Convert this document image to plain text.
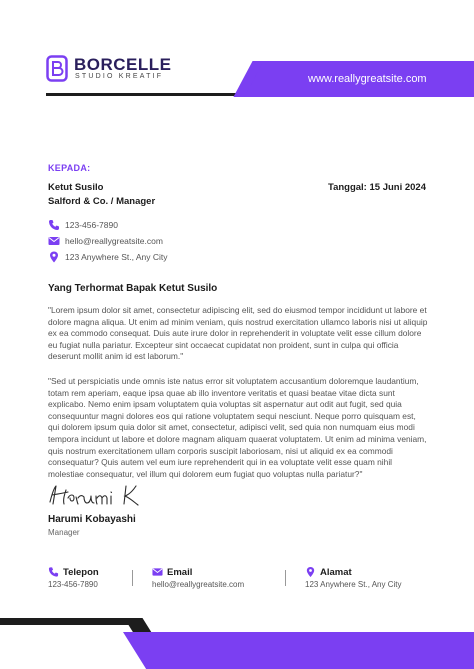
BORCELLE
STUDIO KREATIF	www.reallygreatsite.com
KEPADA:
Ketut Susilo
Salford & Co. / Manager
Tanggal: 15 Juni 2024
123-456-7890
hello@reallygreatsite.com
123 Anywhere St., Any City
Yang Terhormat Bapak Ketut Susilo
"Lorem ipsum dolor sit amet, consectetur adipiscing elit, sed do eiusmod tempor incididunt ut labore et dolore magna aliqua. Ut enim ad minim veniam, quis nostrud exercitation ullamco laboris nisi ut aliquip ex ea commodo consequat. Duis aute irure dolor in reprehenderit in voluptate velit esse cillum dolore eu fugiat nulla pariatur. Excepteur sint occaecat cupidatat non proident, sunt in culpa qui officia deserunt mollit anim id est laborum."
"Sed ut perspiciatis unde omnis iste natus error sit voluptatem accusantium doloremque laudantium, totam rem aperiam, eaque ipsa quae ab illo inventore veritatis et quasi beatae vitae dicta sunt explicabo. Nemo enim ipsam voluptatem quia voluptas sit aspernatur aut odit aut fugit, sed quia consequuntur magni dolores eos qui ratione voluptatem sequi nesciunt. Neque porro quisquam est, qui dolorem ipsum quia dolor sit amet, consectetur, adipisci velit, sed quia non numquam eius modi tempora incidunt ut labore et dolore magnam aliquam quaerat voluptatem. Ut enim ad minima veniam, quis nostrum exercitationem ullam corporis suscipit laboriosam, nisi ut aliquid ex ea commodi consequatur? Quis autem vel eum iure reprehenderit qui in ea voluptate velit esse quam nihil molestiae consequatur, vel illum qui dolorem eum fugiat quo voluptas nulla pariatur?"
Harumi Kobayashi
Manager
Telepon
123-456-7890
Email
hello@reallygreatsite.com
Alamat
123 Anywhere St., Any City
